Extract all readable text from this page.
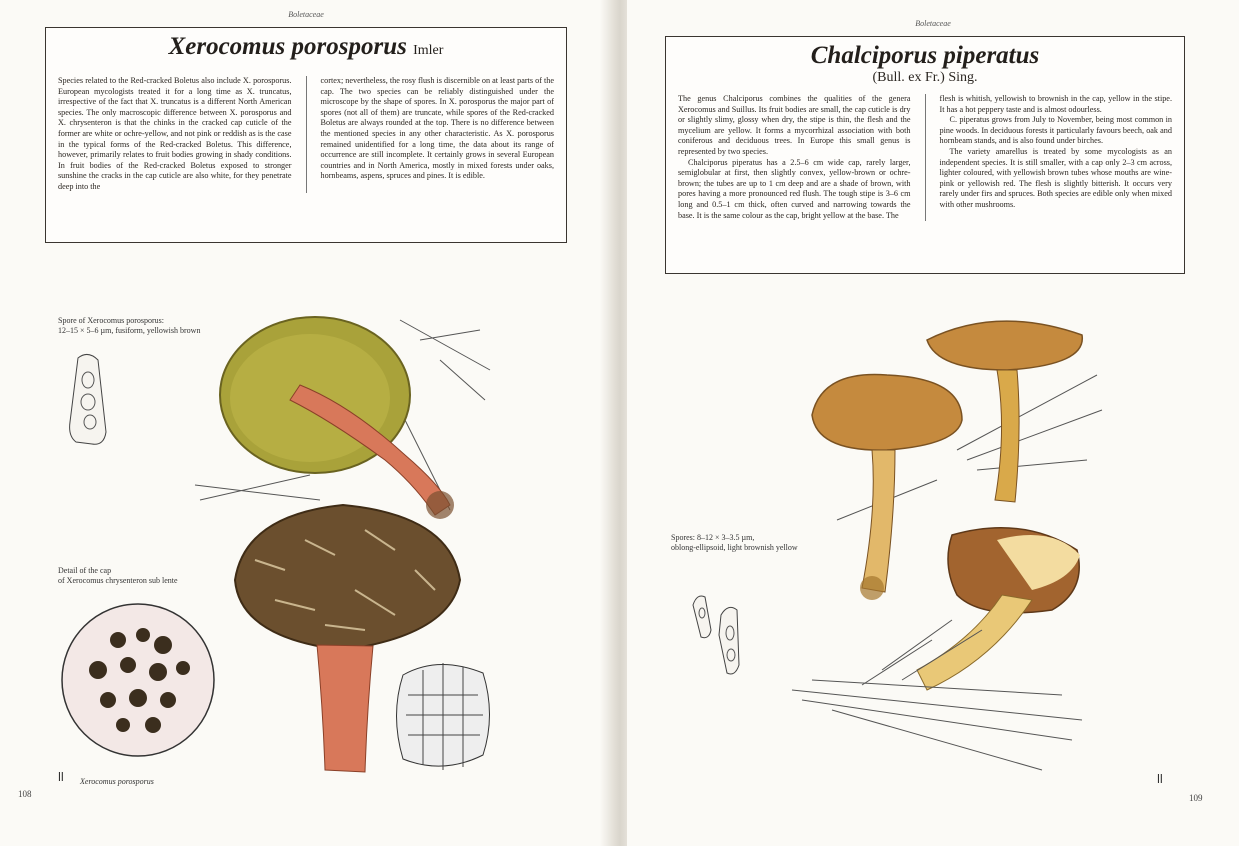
Boletaceae
Xerocomus porosporus Imler

Species related to the Red-cracked Boletus also include X. porosporus. European mycologists treated it for a long time as X. truncatus, irrespective of the fact that X. truncatus is a different North American species. The only macroscopic difference between X. porosporus and X. chrysenteron is that the chinks in the cracked cap cuticle of the former are white or ochre-yellow, and not pink or reddish as is the case in the typical forms of the Red-cracked Boletus. This difference, however, primarily relates to fruit bodies growing in shady conditions. In fruit bodies of the Red-cracked Boletus exposed to stronger sunshine the cracks in the cap cuticle are also white, for they penetrate deep into the

cortex; nevertheless, the rosy flush is discernible on at least parts of the cap. The two species can be reliably distinguished under the microscope by the shape of spores. In X. porosporus the major part of spores (not all of them) are truncate, while spores of the Red-cracked Boletus are always rounded at the top. There is no difference between the mentioned species in any other characteristic. As X. porosporus remained unidentified for a long time, the data about its range of occurrence are still incomplete. It certainly grows in several European countries and in North America, mostly in mixed forests under oaks, hornbeams, aspens, spruces and pines. It is edible.

Spore of Xerocomus porosporus:
12–15 × 5–6 µm, fusiform, yellowish brown
Detail of the cap
of Xerocomus chrysenteron sub lente
ǀǀ Xerocomus porosporus
108
Boletaceae
Chalciporus piperatus
(Bull. ex Fr.) Sing.

The genus Chalciporus combines the qualities of the genera Xerocomus and Suillus. Its fruit bodies are small, the cap cuticle is dry or slightly slimy, glossy when dry, the stipe is thin, the flesh and the mycelium are yellow. It forms a mycorrhizal association with both coniferous and deciduous trees. In Europe this small genus is represented by two species.

Chalciporus piperatus has a 2.5–6 cm wide cap, rarely larger, semiglobular at first, then slightly convex, yellow-brown or ochre-brown; the tubes are up to 1 cm deep and are a shade of brown, with pores having a more pronounced red flush. The tough stipe is 3–6 cm long and 0.5–1 cm thick, often curved and narrowing towards the base. It is the same colour as the cap, bright yellow at the base. The

flesh is whitish, yellowish to brownish in the cap, yellow in the stipe. It has a hot peppery taste and is almost odourless.

C. piperatus grows from July to November, being most common in pine woods. In deciduous forests it particularly favours beech, oak and hornbeam stands, and is also found under birches.

The variety amarellus is treated by some mycologists as an independent species. It is still smaller, with a cap only 2–3 cm across, lighter coloured, with yellowish brown tubes whose mouths are wine-pink or yellowish red. The flesh is slightly bitterish. It occurs very rarely under firs and spruces. Both species are edible only when mixed with other mushrooms.

Spores: 8–12 × 3–3.5 µm,
oblong-ellipsoid, light brownish yellow
ǀǀ
109
